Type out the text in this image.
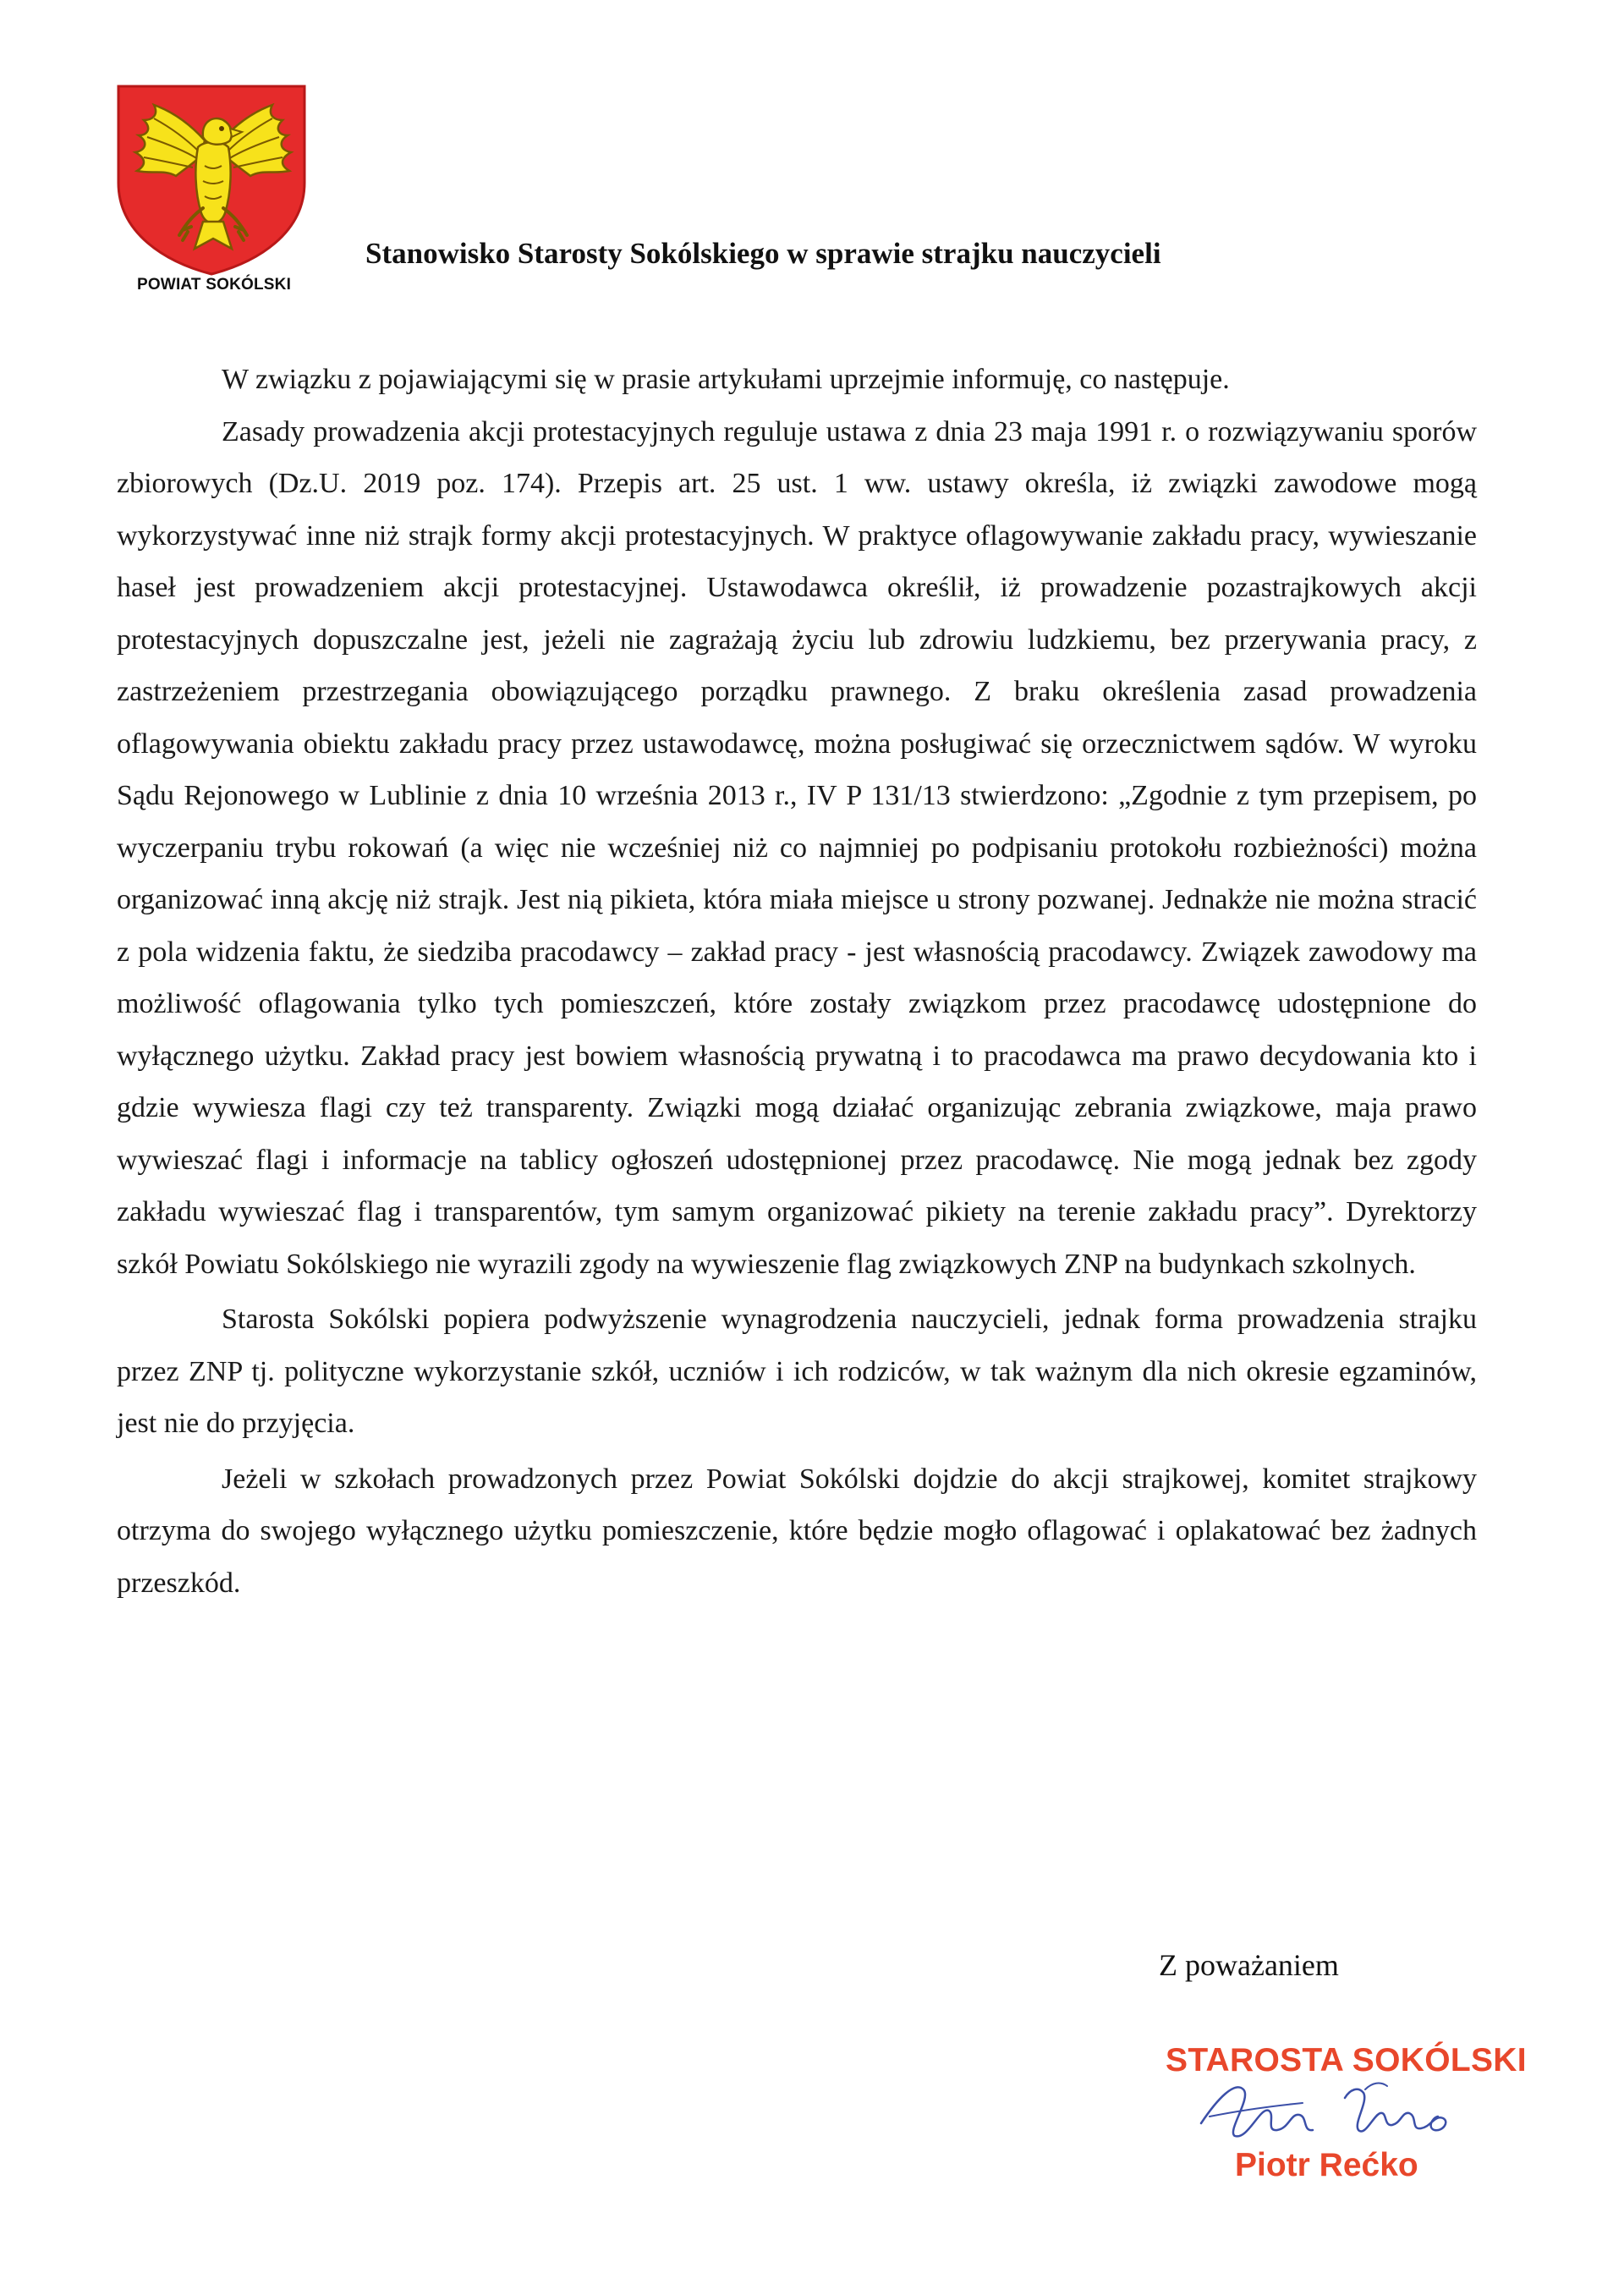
POWIAT SOKÓLSKI
Stanowisko Starosty Sokólskiego w sprawie strajku nauczycieli

W związku z pojawiającymi się w prasie artykułami uprzejmie informuję, co następuje.

Zasady prowadzenia akcji protestacyjnych reguluje ustawa z dnia 23 maja 1991 r. o rozwiązywaniu sporów zbiorowych (Dz.U. 2019 poz. 174). Przepis art. 25 ust. 1 ww. ustawy określa, iż związki zawodowe mogą wykorzystywać inne niż strajk formy akcji protestacyjnych. W praktyce oflagowywanie zakładu pracy, wywieszanie haseł jest prowadzeniem akcji protestacyjnej. Ustawodawca określił, iż prowadzenie pozastrajkowych akcji protestacyjnych dopuszczalne jest, jeżeli nie zagrażają życiu lub zdrowiu ludzkiemu, bez przerywania pracy, z zastrzeżeniem przestrzegania obowiązującego porządku prawnego. Z braku określenia zasad prowadzenia oflagowywania obiektu zakładu pracy przez ustawodawcę, można posługiwać się orzecznictwem sądów. W wyroku Sądu Rejonowego w Lublinie z dnia 10 września 2013 r., IV P 131/13 stwierdzono: „Zgodnie z tym przepisem, po wyczerpaniu trybu rokowań (a więc nie wcześniej niż co najmniej po podpisaniu protokołu rozbieżności) można organizować inną akcję niż strajk. Jest nią pikieta, która miała miejsce u strony pozwanej. Jednakże nie można stracić z pola widzenia faktu, że siedziba pracodawcy – zakład pracy - jest własnością pracodawcy. Związek zawodowy ma możliwość oflagowania tylko tych pomieszczeń, które zostały związkom przez pracodawcę udostępnione do wyłącznego użytku. Zakład pracy jest bowiem własnością prywatną i to pracodawca ma prawo decydowania kto i gdzie wywiesza flagi czy też transparenty. Związki mogą działać organizując zebrania związkowe, maja prawo wywieszać flagi i informacje na tablicy ogłoszeń udostępnionej przez pracodawcę. Nie mogą jednak bez zgody zakładu wywieszać flag i transparentów, tym samym organizować pikiety na terenie zakładu pracy”. Dyrektorzy szkół Powiatu Sokólskiego nie wyrazili zgody na wywieszenie flag związkowych ZNP na budynkach szkolnych.

Starosta Sokólski popiera podwyższenie wynagrodzenia nauczycieli, jednak forma prowadzenia strajku przez ZNP tj. polityczne wykorzystanie szkół, uczniów i ich rodziców, w tak ważnym dla nich okresie egzaminów, jest nie do przyjęcia.

Jeżeli w szkołach prowadzonych przez Powiat Sokólski dojdzie do akcji strajkowej, komitet strajkowy otrzyma do swojego wyłącznego użytku pomieszczenie, które będzie mogło oflagować i oplakatować bez żadnych przeszkód.

Z poważaniem
STAROSTA SOKÓLSKI
Piotr Rećko
